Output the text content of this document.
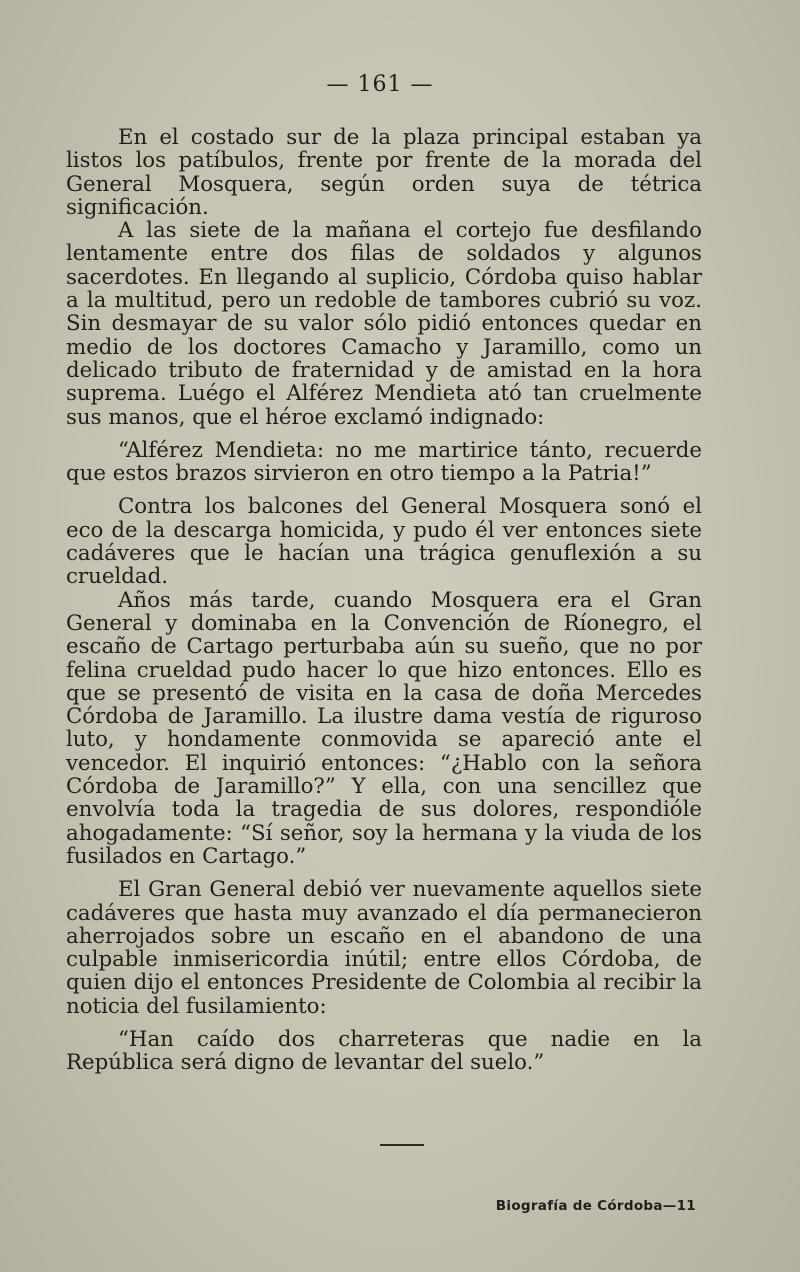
— 161 —

En el costado sur de la plaza principal estaban ya listos los patíbulos, frente por frente de la morada del General Mosquera, según orden suya de tétrica significación.

A las siete de la mañana el cortejo fue desfilando lentamente entre dos filas de soldados y algunos sacerdotes. En llegando al suplicio, Córdoba quiso hablar a la multitud, pero un redoble de tambores cubrió su voz. Sin desmayar de su valor sólo pidió entonces quedar en medio de los doctores Camacho y Jaramillo, como un delicado tributo de fraternidad y de amistad en la hora suprema. Luégo el Alférez Mendieta ató tan cruelmente sus manos, que el héroe exclamó indignado:

“Alférez Mendieta: no me martirice tánto, recuerde que estos brazos sirvieron en otro tiempo a la Patria!”

Contra los balcones del General Mosquera sonó el eco de la descarga homicida, y pudo él ver entonces siete cadáveres que le hacían una trágica genuflexión a su crueldad.

Años más tarde, cuando Mosquera era el Gran General y dominaba en la Convención de Ríonegro, el escaño de Cartago perturbaba aún su sueño, que no por felina crueldad pudo hacer lo que hizo entonces. Ello es que se presentó de visita en la casa de doña Mercedes Córdoba de Jaramillo. La ilustre dama vestía de riguroso luto, y hondamente conmovida se apareció ante el vencedor. El inquirió entonces: “¿Hablo con la señora Córdoba de Jaramillo?” Y ella, con una sencillez que envolvía toda la tragedia de sus dolores, respondióle ahogadamente: “Sí señor, soy la hermana y la viuda de los fusilados en Cartago.”

El Gran General debió ver nuevamente aquellos siete cadáveres que hasta muy avanzado el día permanecieron aherrojados sobre un escaño en el abandono de una culpable inmisericordia inútil; entre ellos Córdoba, de quien dijo el entonces Presidente de Colombia al recibir la noticia del fusilamiento:

“Han caído dos charreteras que nadie en la República será digno de levantar del suelo.”

Biografía de Córdoba—11
